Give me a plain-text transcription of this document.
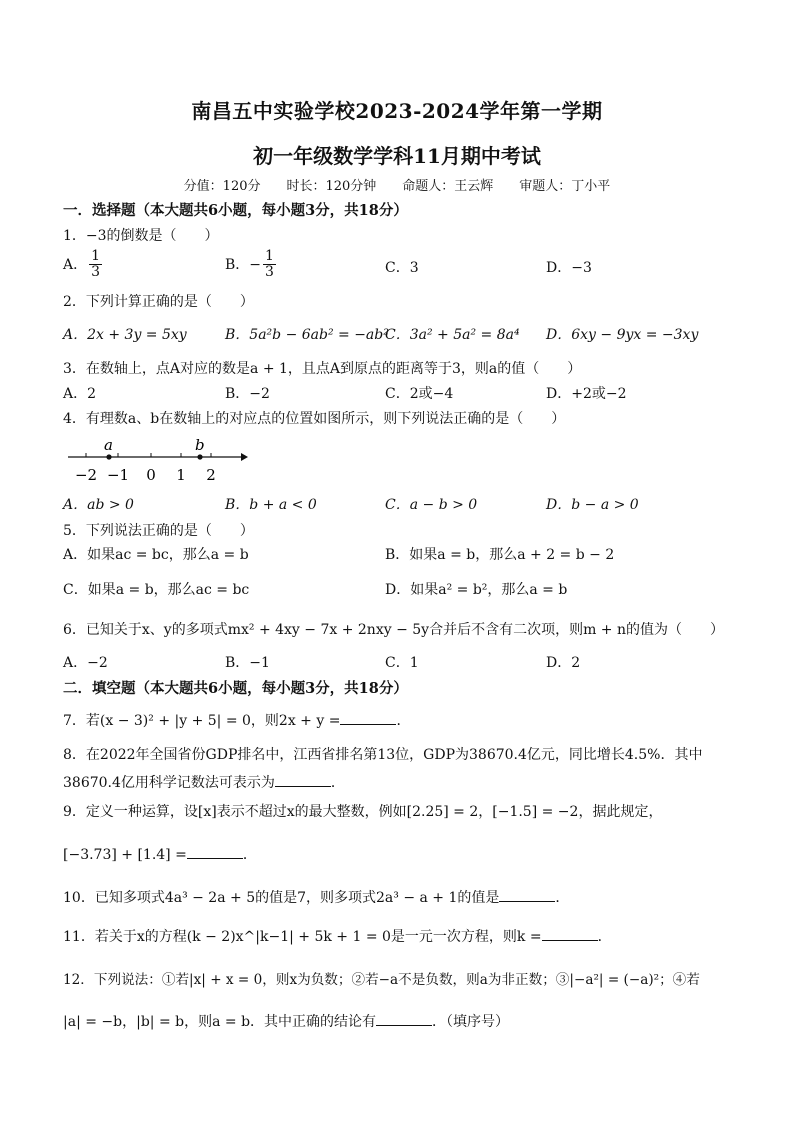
南昌五中实验学校2023-2024学年第一学期
初一年级数学学科11月期中考试
分值：120分　　时长：120分钟　　命题人：王云辉　　审题人：丁小平
一．选择题（本大题共6小题，每小题3分，共18分）
1．−3的倒数是（　　）
A． $\frac{1}{3}$	B．− $\frac{1}{3}$	C．3	D．−3
2．下列计算正确的是（　　）
A．2x + 3y = 5xy	B．5a²b − 6ab² = −ab²
C．3a² + 5a² = 8a⁴ D．6xy − 9yx = −3xy
3．在数轴上，点A对应的数是a + 1，且点A到原点的距离等于3，则a的值（　　）
A．2	B．−2	C．2或−4	D．+2或−2
4．有理数a、b在数轴上的对应点的位置如图所示，则下列说法正确的是（　　）
a	b
−2 −1 0 1 2
A．ab > 0	B．b + a < 0	C．a − b > 0	D．b − a > 0
5．下列说法正确的是（　　）
A．如果ac = bc，那么a = b	B．如果a = b，那么a + 2 = b − 2
C．如果a = b，那么ac = bc	D．如果a² = b²，那么a = b
6．已知关于x、y的多项式mx² + 4xy − 7x + 2nxy − 5y合并后不含有二次项，则m + n的值为（　　）
A．−2	B．−1	C．1	D．2
二．填空题（本大题共6小题，每小题3分，共18分）
7．若(x − 3)² + |y + 5| = 0，则2x + y =	．
8．在2022年全国省份GDP排名中，江西省排名第13位，GDP为38670.4亿元，同比增长4.5%．其中
38670.4亿用科学记数法可表示为	．
9．定义一种运算，设[x]表示不超过x的最大整数，例如[2.25] = 2，[−1.5] = −2，据此规定，
[−3.73] + [1.4] =	．
10．已知多项式4a³ − 2a + 5的值是7，则多项式2a³ − a + 1的值是	．
11．若关于x的方程(k − 2)x^|k−1| + 5k + 1 = 0是一元一次方程，则k =	．
12．下列说法：①若|x| + x = 0，则x为负数；②若−a不是负数，则a为非正数；③|−a²| = (−a)²；④若
|a| = −b，|b| = b，则a = b．其中正确的结论有	．（填序号）
